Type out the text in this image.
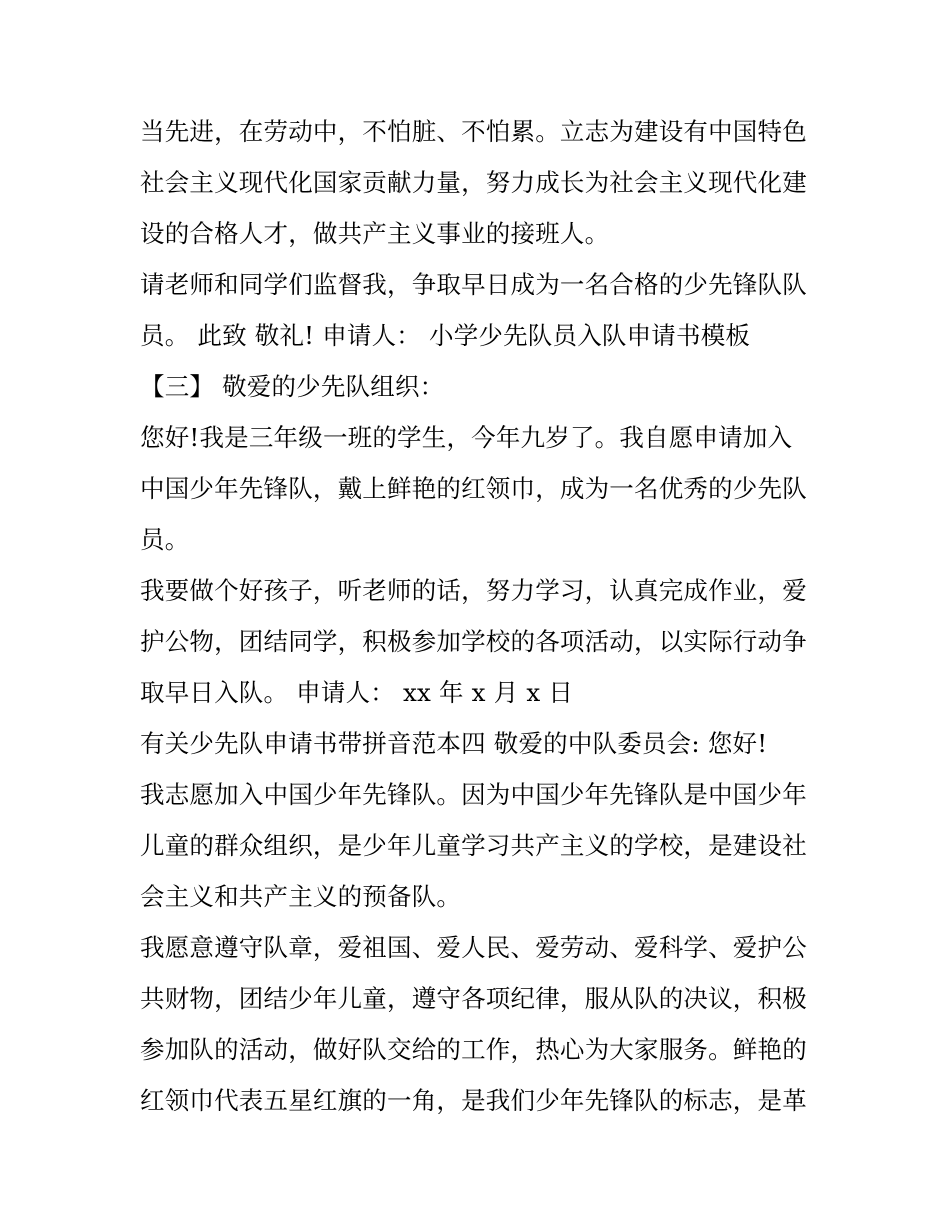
当先进，在劳动中，不怕脏、不怕累。立志为建设有中国特色
社会主义现代化国家贡献力量，努力成长为社会主义现代化建
设的合格人才，做共产主义事业的接班人。
请老师和同学们监督我，争取早日成为一名合格的少先锋队队
员。 此致 敬礼! 申请人： 小学少先队员入队申请书模板
【三】 敬爱的少先队组织：
您好!我是三年级一班的学生，今年九岁了。我自愿申请加入
中国少年先锋队，戴上鲜艳的红领巾，成为一名优秀的少先队
员。
我要做个好孩子，听老师的话，努力学习，认真完成作业，爱
护公物，团结同学，积极参加学校的各项活动，以实际行动争
取早日入队。 申请人： xx 年 x 月 x 日
有关少先队申请书带拼音范本四 敬爱的中队委员会: 您好!
我志愿加入中国少年先锋队。因为中国少年先锋队是中国少年
儿童的群众组织，是少年儿童学习共产主义的学校，是建设社
会主义和共产主义的预备队。
我愿意遵守队章，爱祖国、爱人民、爱劳动、爱科学、爱护公
共财物，团结少年儿童，遵守各项纪律，服从队的决议，积极
参加队的活动，做好队交给的工作，热心为大家服务。鲜艳的
红领巾代表五星红旗的一角，是我们少年先锋队的标志，是革
